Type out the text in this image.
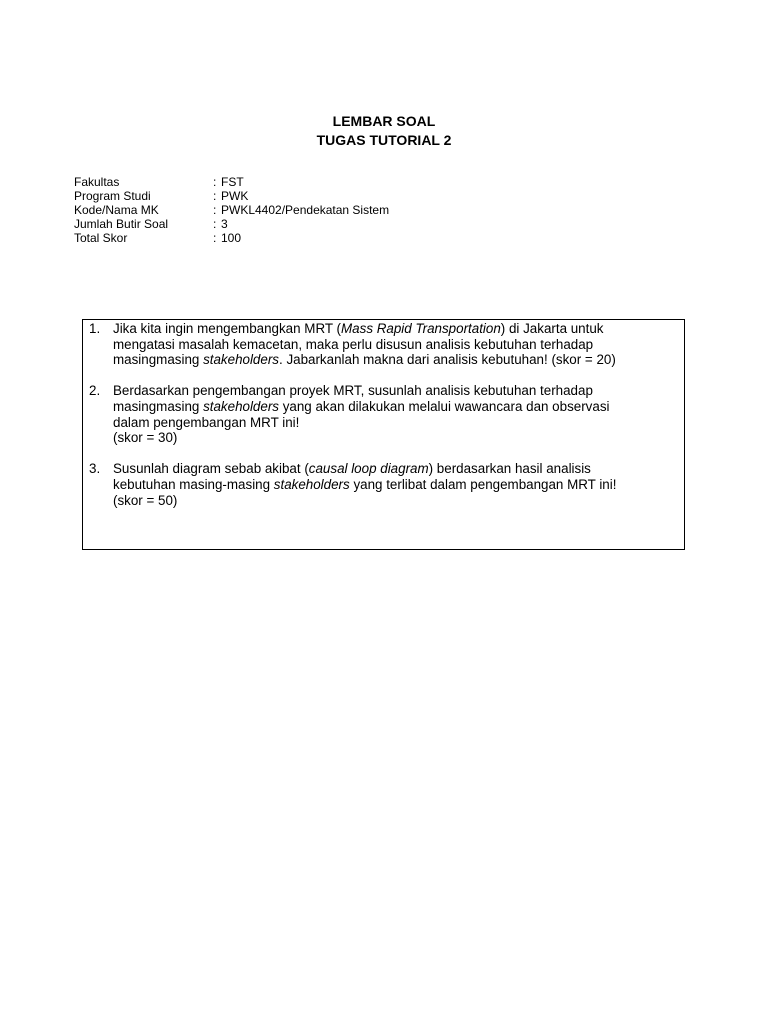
LEMBAR SOAL
TUGAS TUTORIAL 2
Fakultas	: FST
Program Studi	: PWK
Kode/Nama MK	: PWKL4402/Pendekatan Sistem
Jumlah Butir Soal	: 3
Total Skor	: 100
1. Jika kita ingin mengembangkan MRT (Mass Rapid Transportation) di Jakarta untuk
mengatasi masalah kemacetan, maka perlu disusun analisis kebutuhan terhadap
masingmasing stakeholders. Jabarkanlah makna dari analisis kebutuhan! (skor = 20)
2. Berdasarkan pengembangan proyek MRT, susunlah analisis kebutuhan terhadap
masingmasing stakeholders yang akan dilakukan melalui wawancara dan observasi
dalam pengembangan MRT ini!
(skor = 30)
3. Susunlah diagram sebab akibat (causal loop diagram) berdasarkan hasil analisis
kebutuhan masing-masing stakeholders yang terlibat dalam pengembangan MRT ini!
(skor = 50)
